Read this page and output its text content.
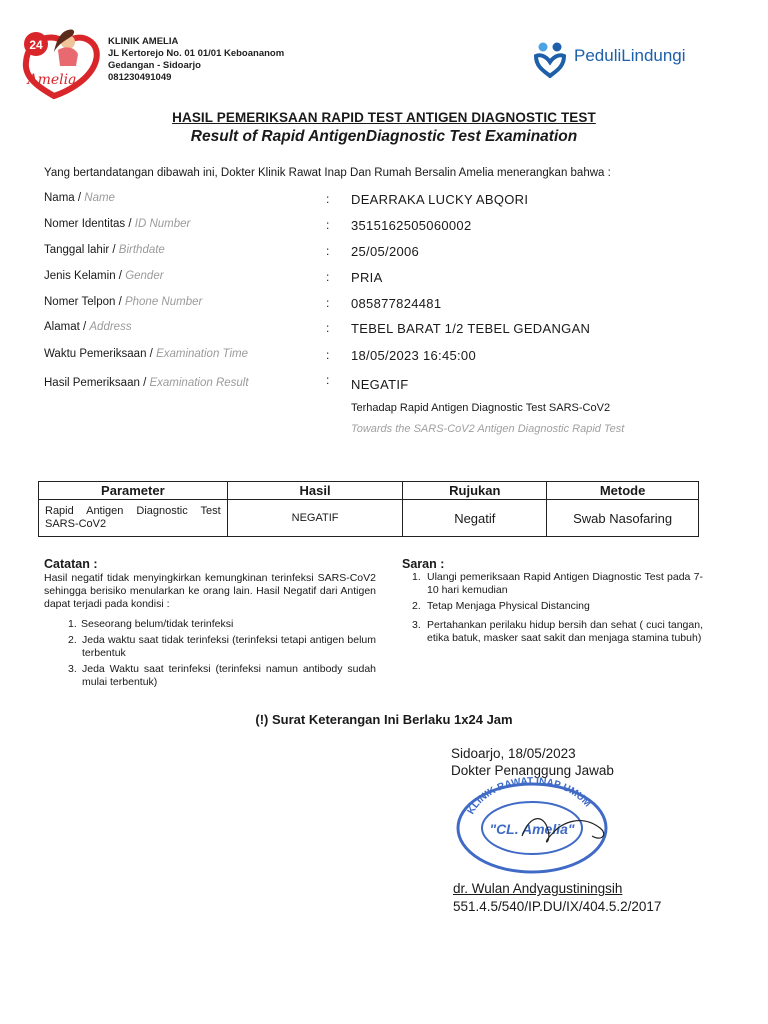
24
Amelia
KLINIK AMELIA
JL Kertorejo No. 01 01/01 Keboananom
Gedangan - Sidoarjo
081230491049
PeduliLindungi
HASIL PEMERIKSAAN RAPID TEST ANTIGEN DIAGNOSTIC TEST
Result of Rapid AntigenDiagnostic Test Examination
Yang bertandatangan dibawah ini, Dokter Klinik Rawat Inap Dan Rumah Bersalin Amelia menerangkan bahwa :
Nama / Name	: DEARRAKA LUCKY ABQORI
Nomer Identitas / ID Number	: 3515162505060002
Tanggal lahir / Birthdate	: 25/05/2006
Jenis Kelamin / Gender	: PRIA
Nomer Telpon / Phone Number	: 085877824481
Alamat / Address	: TEBEL BARAT 1/2 TEBEL GEDANGAN
Waktu Pemeriksaan / Examination Time	: 18/05/2023 16:45:00
Hasil Pemeriksaan / Examination Result	: NEGATIF
Terhadap Rapid Antigen Diagnostic Test SARS-CoV2
Towards the SARS-CoV2 Antigen Diagnostic Rapid Test
Parameter	Hasil	Rujukan	Metode
Rapid Antigen Diagnostic Test SARS-CoV2	NEGATIF	Negatif	Swab Nasofaring
Catatan :
Hasil negatif tidak menyingkirkan kemungkinan terinfeksi SARS-CoV2 sehingga berisiko menularkan ke orang lain. Hasil Negatif dari Antigen dapat terjadi pada kondisi :
1. Seseorang belum/tidak terinfeksi
2. Jeda waktu saat tidak terinfeksi (terinfeksi tetapi antigen belum terbentuk
3. Jeda Waktu saat terinfeksi (terinfeksi namun antibody sudah mulai terbentuk)
Saran :
1. Ulangi pemeriksaan Rapid Antigen Diagnostic Test pada 7-10 hari kemudian
2. Tetap Menjaga Physical Distancing
3. Pertahankan perilaku hidup bersih dan sehat ( cuci tangan, etika batuk, masker saat sakit dan menjaga stamina tubuh)
(!) Surat Keterangan Ini Berlaku 1x24 Jam
Sidoarjo, 18/05/2023
Dokter Penanggung Jawab
KLINIK RAWAT INAP UMUM
"CL. Amelia"
dr. Wulan Andyagustiningsih
551.4.5/540/IP.DU/IX/404.5.2/2017
